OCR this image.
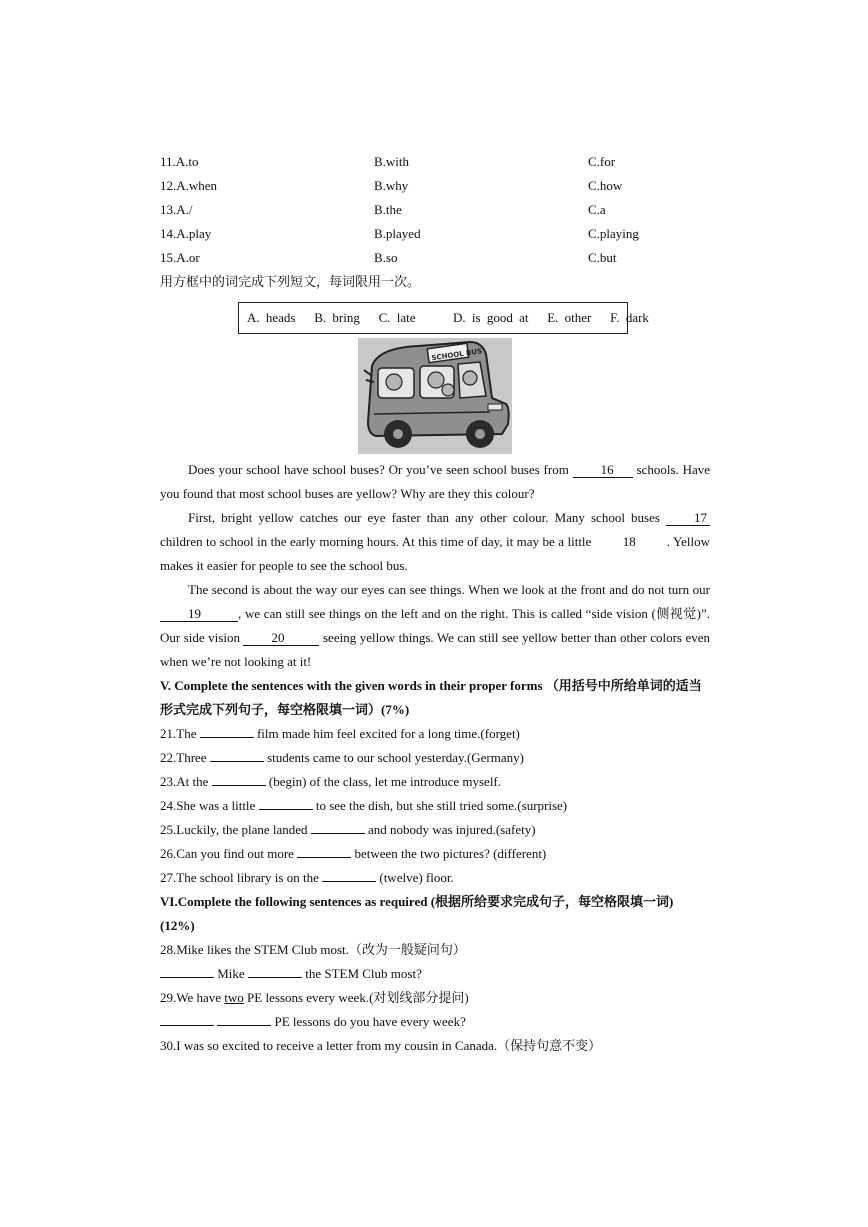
11.A.to	B.with	C.for
12.A.when	B.why	C.how
13.A./	B.the	C.a
14.A.play	B.played	C.playing
15.A.or	B.so	C.but
用方框中的词完成下列短文，每词限用一次。
A. heads   B. bring   C. late      D. is good at   E. other   F. dark
SCHOOL BUS
Does your school have school buses? Or you’ve seen school buses from 16 schools. Have you found that most school buses are yellow? Why are they this colour?
First, bright yellow catches our eye faster than any other colour. Many school buses	17 children to school in the early morning hours. At this time of day, it may be a little 18 . Yellow makes it easier for people to see the school bus.
The second is about the way our eyes can see things. When we look at the front and do not turn our 19	, we can still see things on the left and on the right. This is called “side vision (侧视觉)”. Our side vision 20	seeing yellow things. We can still see yellow better than other colors even when we’re not looking at it!
V. Complete the sentences with the given words in their proper forms （用括号中所给单词的适当形式完成下列句子，每空格限填一词）(7%)
21.The	film made him feel excited for a long time.(forget)
22.Three	students came to our school yesterday.(Germany)
23.At the	(begin) of the class, let me introduce myself.
24.She was a little	to see the dish, but she still tried some.(surprise)
25.Luckily, the plane landed	and nobody was injured.(safety)
26.Can you find out more	between the two pictures? (different)
27.The school library is on the	(twelve) floor.
VI.Complete the following sentences as required (根据所给要求完成句子，每空格限填一词)
(12%)
28.Mike likes the STEM Club most.（改为一般疑问句）
Mike	the STEM Club most?
29.We have two PE lessons every week.(对划线部分提问)
PE lessons do you have every week?
30.I was so excited to receive a letter from my cousin in Canada.（保持句意不变）
